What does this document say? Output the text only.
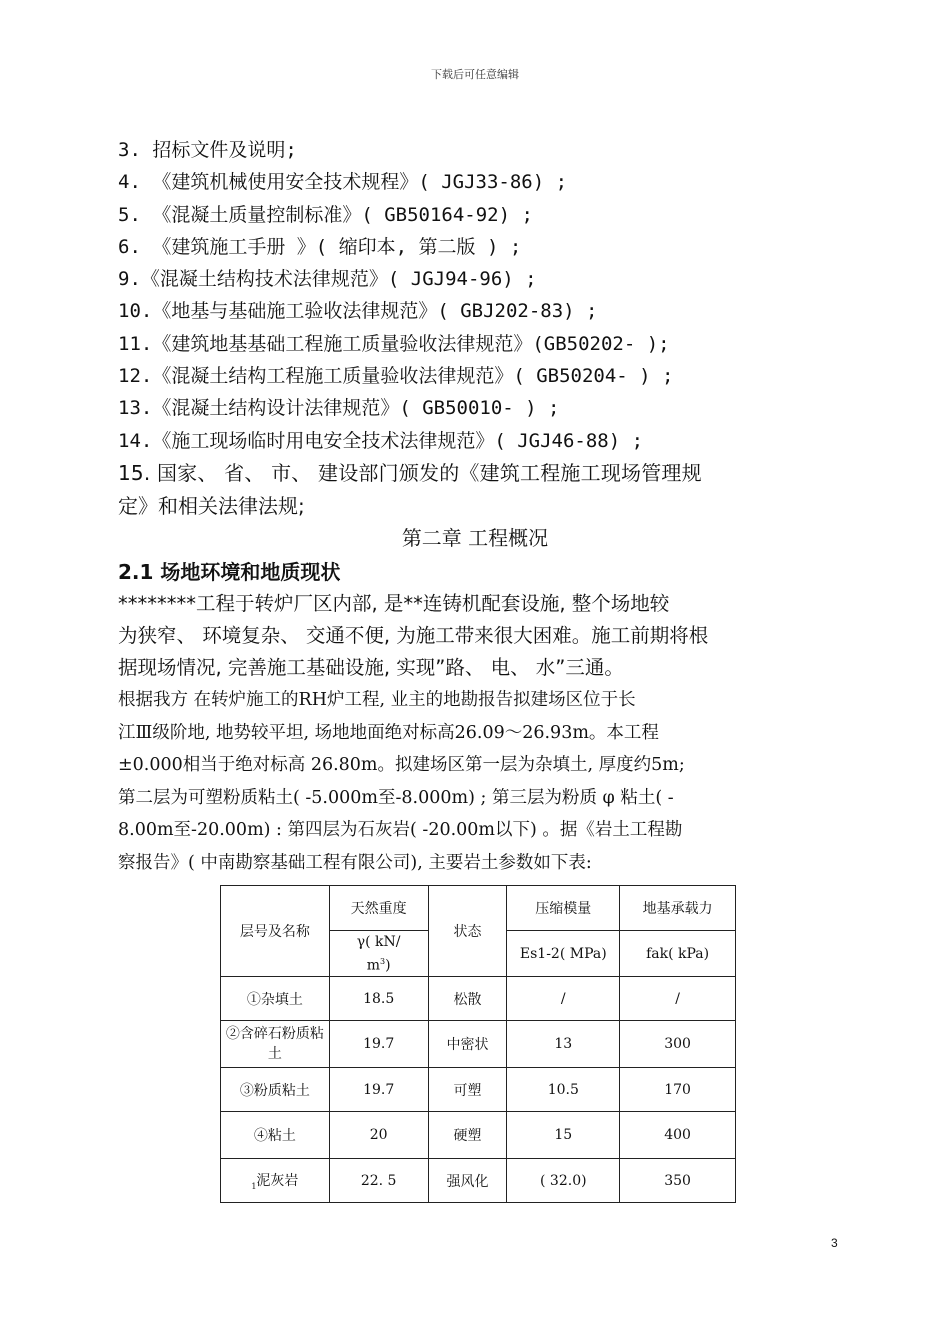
下载后可任意编辑
3. 招标文件及说明;
4. 《建筑机械使用安全技术规程》( JGJ33-86) ;
5. 《混凝土质量控制标准》( GB50164-92) ;
6. 《建筑施工手册 》( 缩印本, 第二版 ) ;
9.《混凝土结构技术法律规范》( JGJ94-96) ;
10.《地基与基础施工验收法律规范》( GBJ202-83) ;
11.《建筑地基基础工程施工质量验收法律规范》(GB50202- );
12.《混凝土结构工程施工质量验收法律规范》( GB50204- ) ;
13.《混凝土结构设计法律规范》( GB50010- ) ;
14.《施工现场临时用电安全技术法律规范》( JGJ46-88) ;
15. 国家、 省、 市、 建设部门颁发的《建筑工程施工现场管理规
定》和相关法律法规;
第二章 工程概况
2.1 场地环境和地质现状
********工程于转炉厂区内部, 是**连铸机配套设施, 整个场地较
为狭窄、 环境复杂、 交通不便, 为施工带来很大困难。施工前期将根
据现场情况, 完善施工基础设施, 实现”路、 电、 水”三通。
根据我方 在转炉施工的RH炉工程, 业主的地勘报告拟建场区位于长
江Ⅲ级阶地, 地势较平坦, 场地地面绝对标高26.09～26.93m。本工程
±0.000相当于绝对标高 26.80m。拟建场区第一层为杂填土, 厚度约5m;
第二层为可塑粉质粘土( -5.000m至-8.000m) ; 第三层为粉质 φ 粘土( -
8.00m至-20.00m) : 第四层为石灰岩( -20.00m以下) 。据《岩土工程勘
察报告》( 中南勘察基础工程有限公司), 主要岩土参数如下表:
层号及名称	天然重度	状态	压缩模量	地基承载力
	γ( kN/
$m^3$)		Es1-2( MPa)	fak( kPa)
①杂填土	18.5	松散	/	/
②含碎石粉质粘土	19.7	中密状	13	300
③粉质粘土	19.7	可塑	10.5	170
④粘土	20	硬塑	15	400
$_1$泥灰岩	22. 5	强风化	( 32.0)	350
3
